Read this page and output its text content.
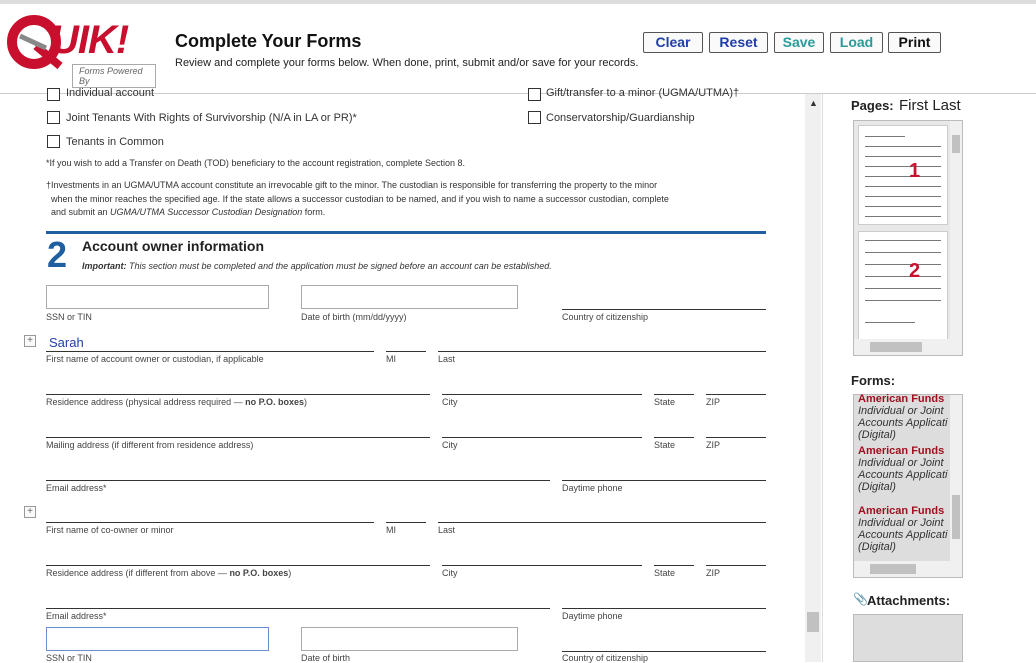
UIK!
Forms Powered By
Complete Your Forms
Review and complete your forms below. When done, print, submit and/or save for your records.
Clear	Reset	Save	Load	Print
Individual account	Gift/transfer to a minor (UGMA/UTMA)†
Joint Tenants With Rights of Survivorship (N/A in LA or PR)*	Conservatorship/Guardianship
Tenants in Common
*If you wish to add a Transfer on Death (TOD) beneficiary to the account registration, complete Section 8.
†Investments in an UGMA/UTMA account constitute an irrevocable gift to the minor. The custodian is responsible for transferring the property to the minor
when the minor reaches the specified age. If the state allows a successor custodian to be named, and if you wish to name a successor custodian, complete
and submit an UGMA/UTMA Successor Custodian Designation form.
2 Account owner information
Important: This section must be completed and the application must be signed before an account can be established.
SSN or TIN	Date of birth (mm/dd/yyyy)	Country of citizenship
+ Sarah
First name of account owner or custodian, if applicable	MI	Last
Residence address (physical address required — no P.O. boxes)	City	State	ZIP
Mailing address (if different from residence address)	City	State	ZIP
Email address*	Daytime phone
+
First name of co-owner or minor	MI	Last
Residence address (if different from above — no P.O. boxes)	City	State	ZIP
Email address*	Daytime phone
SSN or TIN	Date of birth	Country of citizenship
▲	Pages: First Last
1
2
Forms:
American Funds
Individual or Joint Accounts Applicati (Digital)
American Funds
Individual or Joint Accounts Applicati (Digital)
American Funds
Individual or Joint Accounts Applicati (Digital)
📎 Attachments:
